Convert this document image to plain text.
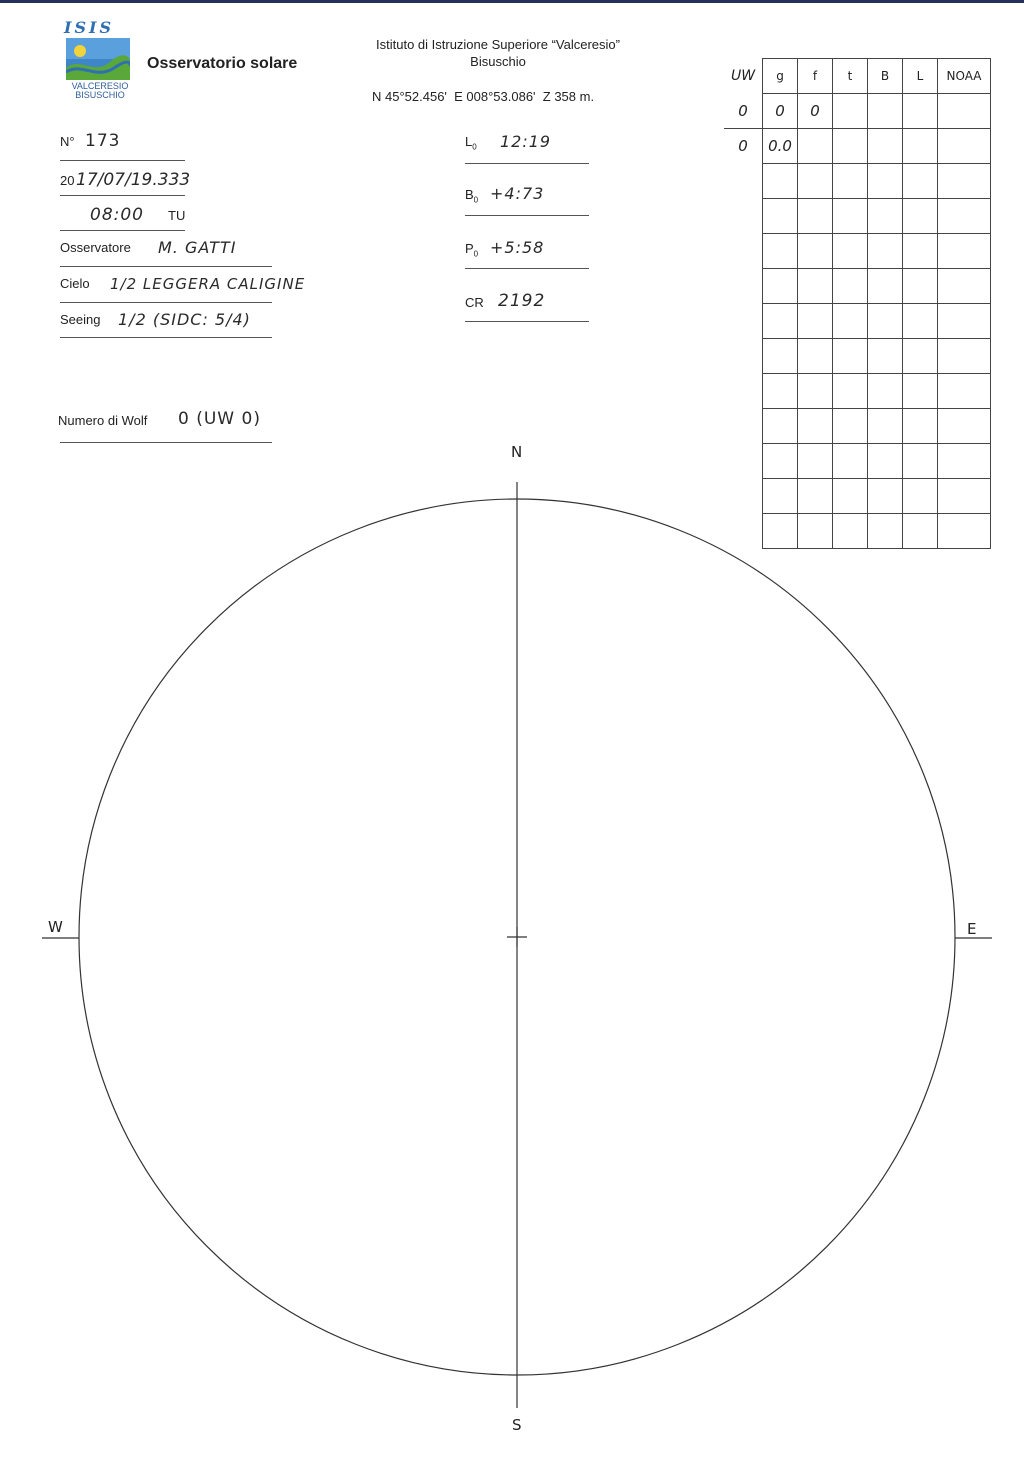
ISIS
VALCERESIO
BISUSCHIO
Osservatorio solare
Istituto di Istruzione Superiore “Valceresio”
Bisuschio
N 45°52.456'  E 008°53.086'  Z 358 m.
N° 173
20 17/07/19.333
08:00 TU
Osservatore M. GATTI
Cielo 1/2 LEGGERA CALIGINE
Seeing 1/2 (SIDC: 5/4)
Numero di Wolf 0 (UW 0)
$L_0$ 12:19
$B_0$ +4:73
$P_0$ +5:58
CR 2192
UW	g	f	t	B	L	NOAA
0	0	0				
0	0.0					

N
S
W	E
